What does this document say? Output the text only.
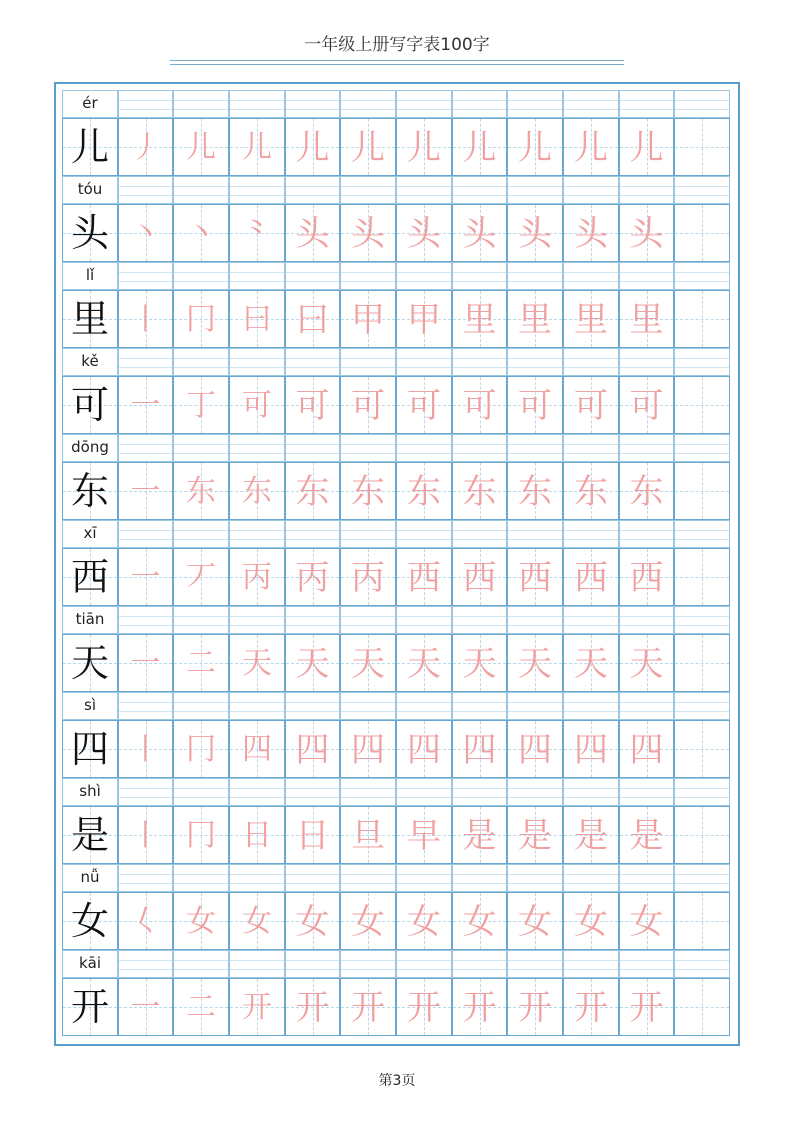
一年级上册写字表100字
ér
儿 丿 儿 儿 儿 儿 儿 儿 儿 儿 儿
tóu
头 丶 丶 ⺀ 头 头 头 头 头 头 头
lǐ
里 丨 冂 曰 曰 甲 甲 里 里 里 里
kě
可 一 丁 可 可 可 可 可 可 可 可
dōng
东 一 东 东 东 东 东 东 东 东 东
xī
西 一 丆 丙 丙 丙 西 西 西 西 西
tiān
天 一 二 天 天 天 天 天 天 天 天
sì
四 丨 冂 四 四 四 四 四 四 四 四
shì
是 丨 冂 日 日 旦 早 是 是 是 是
nǚ
女 𡿨 女 女 女 女 女 女 女 女 女
kāi
开 一 二 开 开 开 开 开 开 开 开
第3页
